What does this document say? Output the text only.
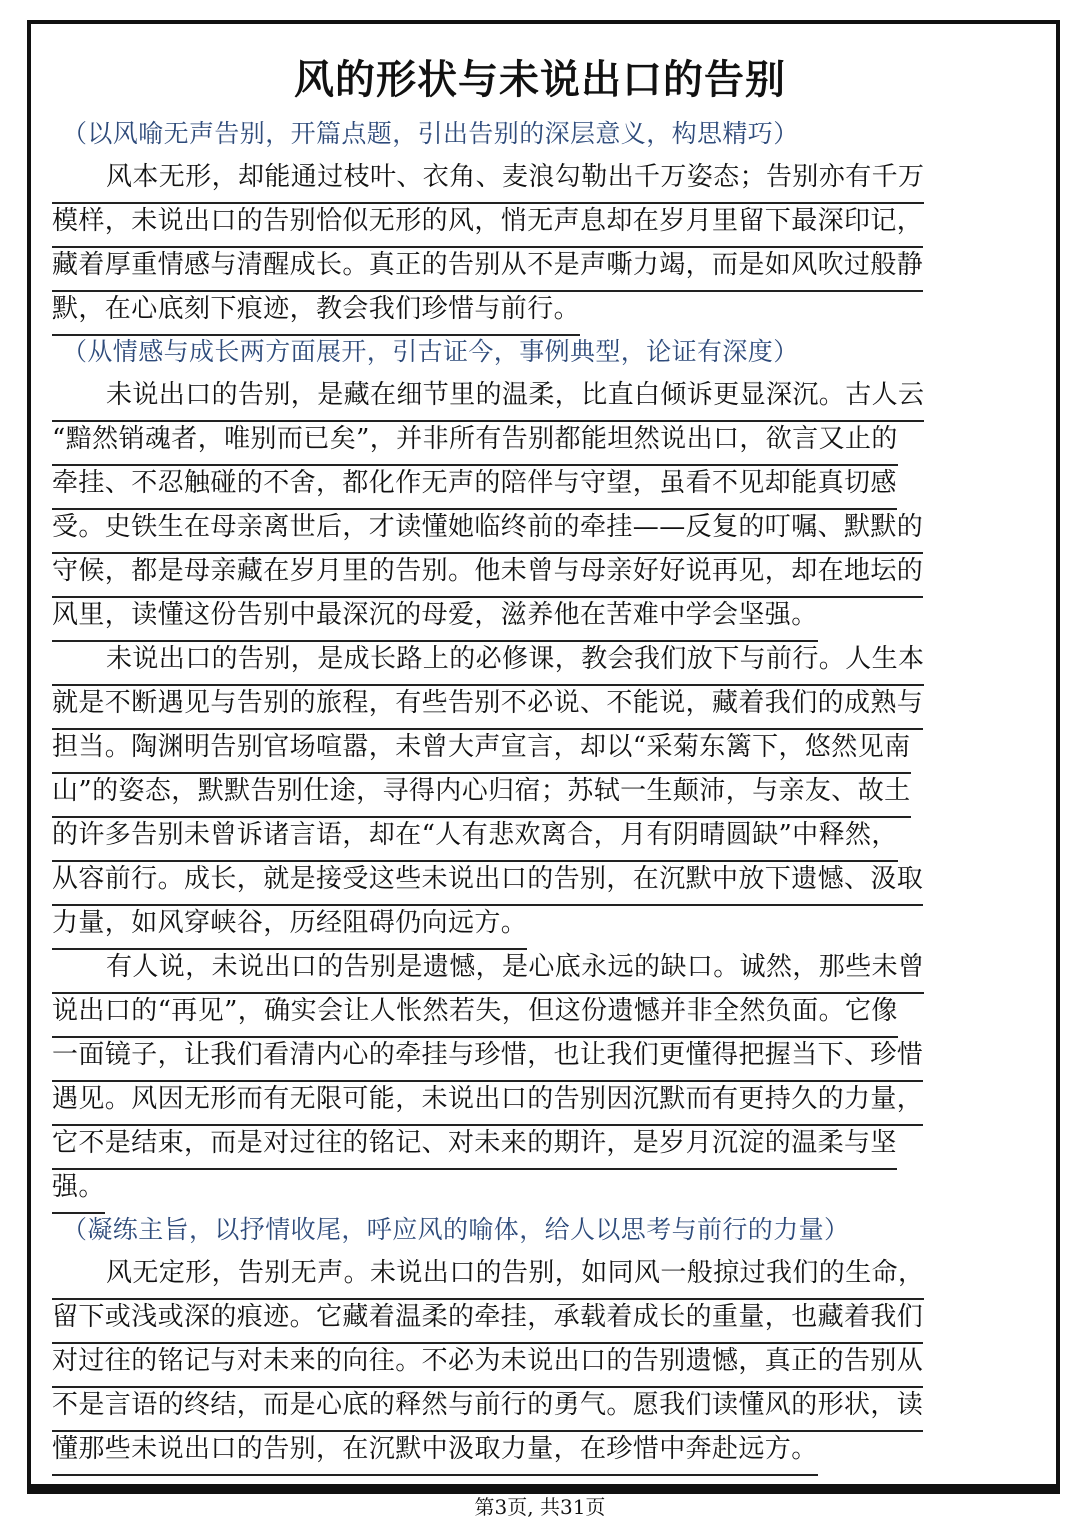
风的形状与未说出口的告别
（以风喻无声告别，开篇点题，引出告别的深层意义，构思精巧）
风本无形，却能通过枝叶、衣角、麦浪勾勒出千万姿态；告别亦有千万
模样，未说出口的告别恰似无形的风，悄无声息却在岁月里留下最深印记，
藏着厚重情感与清醒成长。真正的告别从不是声嘶力竭，而是如风吹过般静
默，在心底刻下痕迹，教会我们珍惜与前行。
（从情感与成长两方面展开，引古证今，事例典型，论证有深度）
未说出口的告别，是藏在细节里的温柔，比直白倾诉更显深沉。古人云
“黯然销魂者，唯别而已矣”，并非所有告别都能坦然说出口，欲言又止的
牵挂、不忍触碰的不舍，都化作无声的陪伴与守望，虽看不见却能真切感
受。史铁生在母亲离世后，才读懂她临终前的牵挂——反复的叮嘱、默默的
守候，都是母亲藏在岁月里的告别。他未曾与母亲好好说再见，却在地坛的
风里，读懂这份告别中最深沉的母爱，滋养他在苦难中学会坚强。
未说出口的告别，是成长路上的必修课，教会我们放下与前行。人生本
就是不断遇见与告别的旅程，有些告别不必说、不能说，藏着我们的成熟与
担当。陶渊明告别官场喧嚣，未曾大声宣言，却以“采菊东篱下，悠然见南
山”的姿态，默默告别仕途，寻得内心归宿；苏轼一生颠沛，与亲友、故土
的许多告别未曾诉诸言语，却在“人有悲欢离合，月有阴晴圆缺”中释然，
从容前行。成长，就是接受这些未说出口的告别，在沉默中放下遗憾、汲取
力量，如风穿峡谷，历经阻碍仍向远方。
有人说，未说出口的告别是遗憾，是心底永远的缺口。诚然，那些未曾
说出口的“再见”，确实会让人怅然若失，但这份遗憾并非全然负面。它像
一面镜子，让我们看清内心的牵挂与珍惜，也让我们更懂得把握当下、珍惜
遇见。风因无形而有无限可能，未说出口的告别因沉默而有更持久的力量，
它不是结束，而是对过往的铭记、对未来的期许，是岁月沉淀的温柔与坚
强。
（凝练主旨，以抒情收尾，呼应风的喻体，给人以思考与前行的力量）
风无定形，告别无声。未说出口的告别，如同风一般掠过我们的生命，
留下或浅或深的痕迹。它藏着温柔的牵挂，承载着成长的重量，也藏着我们
对过往的铭记与对未来的向往。不必为未说出口的告别遗憾，真正的告别从
不是言语的终结，而是心底的释然与前行的勇气。愿我们读懂风的形状，读
懂那些未说出口的告别，在沉默中汲取力量，在珍惜中奔赴远方。
第3页, 共31页
